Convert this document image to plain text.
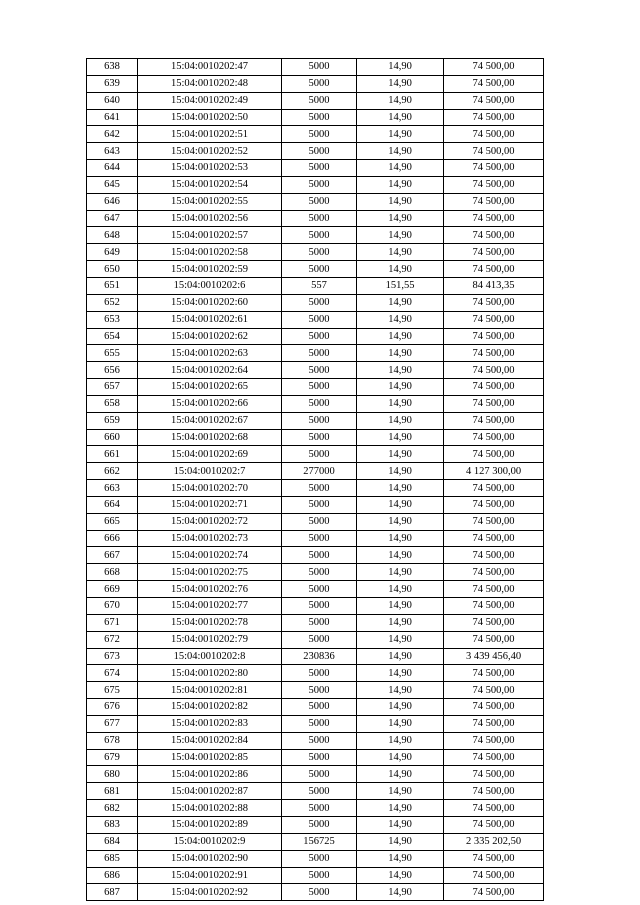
638	15:04:0010202:47	5000	14,90	74 500,00
639	15:04:0010202:48	5000	14,90	74 500,00
640	15:04:0010202:49	5000	14,90	74 500,00
641	15:04:0010202:50	5000	14,90	74 500,00
642	15:04:0010202:51	5000	14,90	74 500,00
643	15:04:0010202:52	5000	14,90	74 500,00
644	15:04:0010202:53	5000	14,90	74 500,00
645	15:04:0010202:54	5000	14,90	74 500,00
646	15:04:0010202:55	5000	14,90	74 500,00
647	15:04:0010202:56	5000	14,90	74 500,00
648	15:04:0010202:57	5000	14,90	74 500,00
649	15:04:0010202:58	5000	14,90	74 500,00
650	15:04:0010202:59	5000	14,90	74 500,00
651	15:04:0010202:6	557	151,55	84 413,35
652	15:04:0010202:60	5000	14,90	74 500,00
653	15:04:0010202:61	5000	14,90	74 500,00
654	15:04:0010202:62	5000	14,90	74 500,00
655	15:04:0010202:63	5000	14,90	74 500,00
656	15:04:0010202:64	5000	14,90	74 500,00
657	15:04:0010202:65	5000	14,90	74 500,00
658	15:04:0010202:66	5000	14,90	74 500,00
659	15:04:0010202:67	5000	14,90	74 500,00
660	15:04:0010202:68	5000	14,90	74 500,00
661	15:04:0010202:69	5000	14,90	74 500,00
662	15:04:0010202:7	277000	14,90	4 127 300,00
663	15:04:0010202:70	5000	14,90	74 500,00
664	15:04:0010202:71	5000	14,90	74 500,00
665	15:04:0010202:72	5000	14,90	74 500,00
666	15:04:0010202:73	5000	14,90	74 500,00
667	15:04:0010202:74	5000	14,90	74 500,00
668	15:04:0010202:75	5000	14,90	74 500,00
669	15:04:0010202:76	5000	14,90	74 500,00
670	15:04:0010202:77	5000	14,90	74 500,00
671	15:04:0010202:78	5000	14,90	74 500,00
672	15:04:0010202:79	5000	14,90	74 500,00
673	15:04:0010202:8	230836	14,90	3 439 456,40
674	15:04:0010202:80	5000	14,90	74 500,00
675	15:04:0010202:81	5000	14,90	74 500,00
676	15:04:0010202:82	5000	14,90	74 500,00
677	15:04:0010202:83	5000	14,90	74 500,00
678	15:04:0010202:84	5000	14,90	74 500,00
679	15:04:0010202:85	5000	14,90	74 500,00
680	15:04:0010202:86	5000	14,90	74 500,00
681	15:04:0010202:87	5000	14,90	74 500,00
682	15:04:0010202:88	5000	14,90	74 500,00
683	15:04:0010202:89	5000	14,90	74 500,00
684	15:04:0010202:9	156725	14,90	2 335 202,50
685	15:04:0010202:90	5000	14,90	74 500,00
686	15:04:0010202:91	5000	14,90	74 500,00
687	15:04:0010202:92	5000	14,90	74 500,00
